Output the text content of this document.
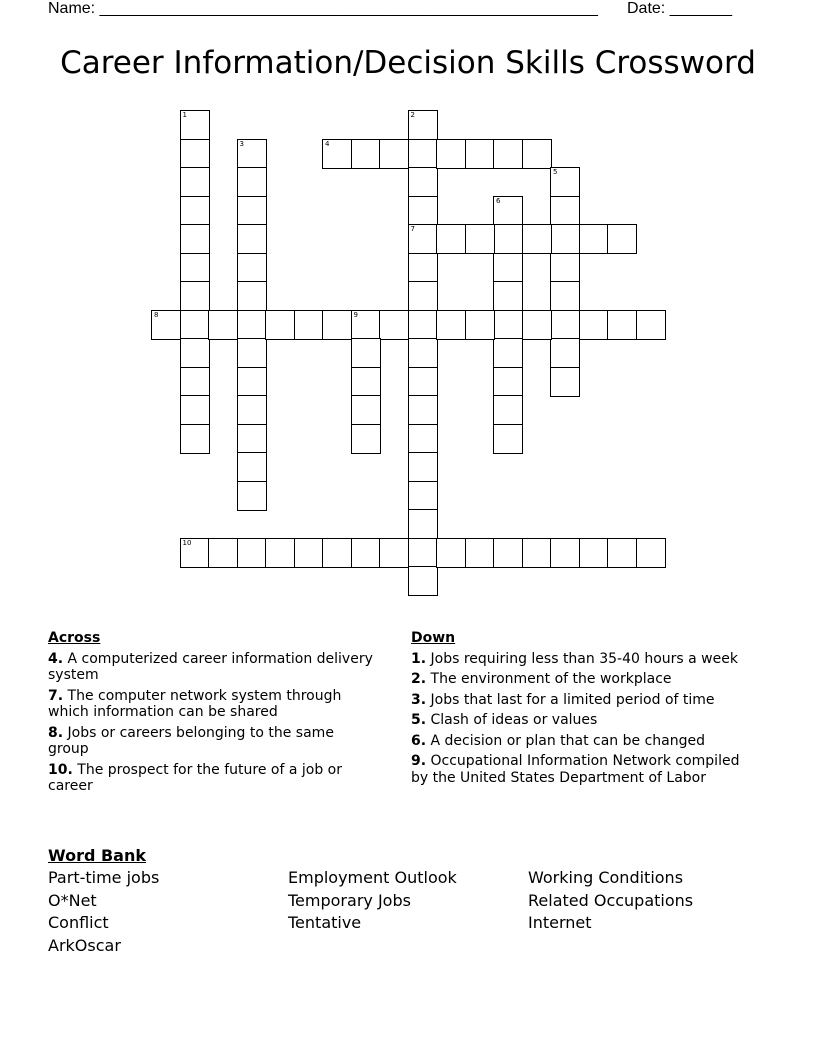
Name: ________________________________________________________ Date: _______
Career Information/Decision Skills Crossword
1	2
7
3	4
5
6
8	9
10
Across
4. A computerized career information delivery system
7. The computer network system through which information can be shared
8. Jobs or careers belonging to the same group
10. The prospect for the future of a job or career
Down
1. Jobs requiring less than 35-40 hours a week
2. The environment of the workplace
3. Jobs that last for a limited period of time
5. Clash of ideas or values
6. A decision or plan that can be changed
9. Occupational Information Network compiled by the United States Department of Labor
Word Bank
Part-time jobs	Employment Outlook	Working Conditions
O*Net	Temporary Jobs	Related Occupations
Conflict	Tentative	Internet
ArkOscar
